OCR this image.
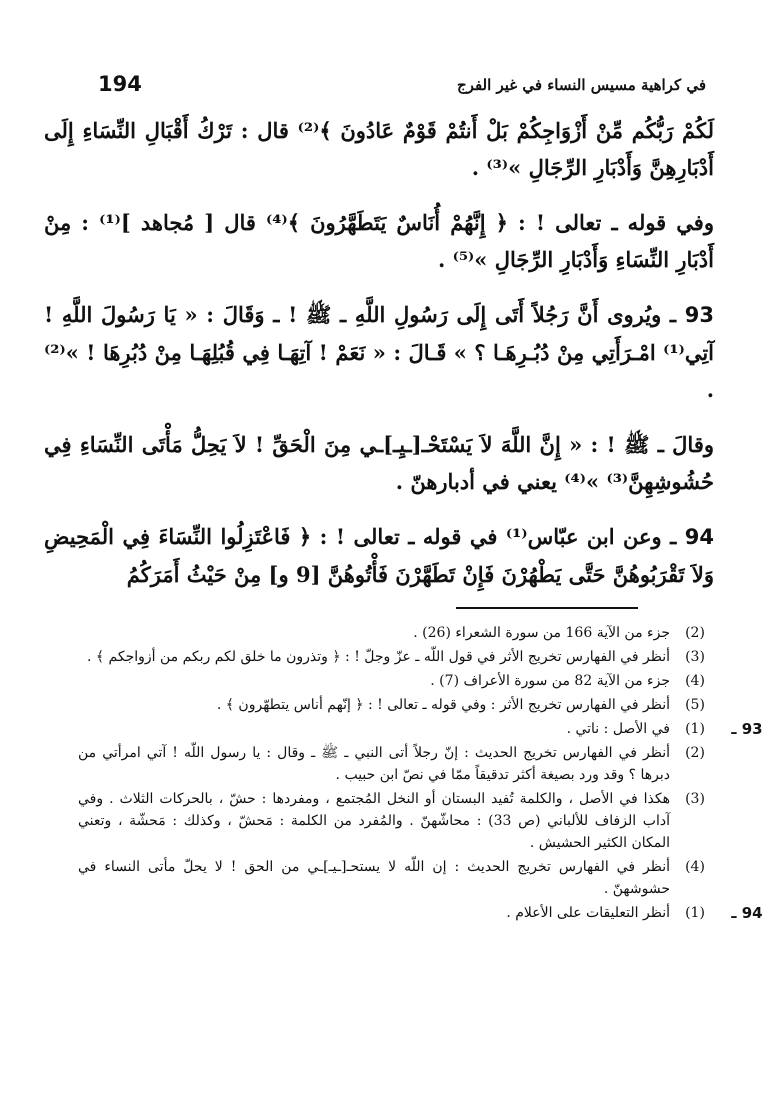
194	في كراهية مسيس النساء في غير الفرج

لَكُمْ رَبُّكُم مِّنْ أَزْوَاجِكُمْ بَلْ أَنتُمْ قَوْمٌ عَادُونَ ﴾⁽²⁾ قال : تَرْكُ أَقْبَالِ النِّسَاءِ إِلَى أَدْبَارِهِنَّ وَأَدْبَارِ الرِّجَالِ »⁽³⁾ .

وفي قوله ـ تعالى ! : ﴿ إِنَّهُمْ أُنَاسٌ يَتَطَهَّرُونَ ﴾⁽⁴⁾ قال [ مُجاهد ]⁽¹⁾ : مِنْ أَدْبَارِ النِّسَاءِ وَأَدْبَارِ الرِّجَالِ »⁽⁵⁾ .

93 ـ ويُروى أَنَّ رَجُلاً أَتَى إِلَى رَسُولِ اللَّهِ ـ ﷺ ! ـ وَقَالَ : « يَا رَسُولَ اللَّهِ ! آتِي⁽¹⁾ امْـرَأَتِي مِنْ دُبُـرِهَـا ؟ » قَـالَ : « نَعَمْ ! آتِهَـا فِي قُبُلِهَـا مِنْ دُبُرِهَا ! »⁽²⁾ .

وقالَ ـ ﷺ ! : « إِنَّ اللَّهَ لاَ يَسْتَحْـ[ـيِـ]ـي مِنَ الْحَقِّ ! لاَ يَحِلُّ مَأْتَى النِّسَاءِ فِي حُشُوشِهِنَّ⁽³⁾ »⁽⁴⁾ يعني في أدبارهنّ .

94 ـ وعن ابن عبّاس⁽¹⁾ في قوله ـ تعالى ! : ﴿ فَاعْتَزِلُوا النِّسَاءَ فِي الْمَحِيضِ وَلاَ تَقْرَبُوهُنَّ حَتَّى يَطْهُرْنَ فَإِنْ تَطَهَّرْنَ فَأْتُوهُنَّ [9 و] مِنْ حَيْثُ أَمَرَكُمُ

(2)
جزء من الآية 166 من سورة الشعراء (26) .

(3)
أنظر في الفهارس تخريج الأثر في قول اللّه ـ عزّ وجلّ ! : ﴿ وتذرون ما خلق لكم ربكم من أزواجكم ﴾ .

(4)
جزء من الآية 82 من سورة الأعراف (7) .

(5)
أنظر في الفهارس تخريج الأثر : وفي قوله ـ تعالى ! : ﴿ إنّهم أناس يتطهّرون ﴾ .

93 ـ

(1)
في الأصل : ناتي .

(2)
أنظر في الفهارس تخريج الحديث : إنّ رجلاً أتى النبي ـ ﷺ ـ وقال : يا رسول اللّه ! آتي امرأتي من دبرها ؟ وقد ورد بصيغة أكثر تدقيقاً ممّا في نصّ ابن حبيب .

(3)
هكذا في الأصل ، والكلمة تُفيد البستان أو النخل المُجتمع ، ومفردها : حشّ ، بالحركات الثلاث . وفي آداب الزفاف للألباني (ص 33) : محاشّهنّ . والمُفرد من الكلمة : مَحشّ ، وكذلك : مَحشّة ، وتعني المكان الكثير الحشيش .

(4)
أنظر في الفهارس تخريج الحديث : إن اللّه لا يستحـ[ـيـ]ـي من الحق ! لا يحلّ مأتى النساء في حشوشهنّ .

94 ـ

(1)
أنظر التعليقات على الأعلام .
